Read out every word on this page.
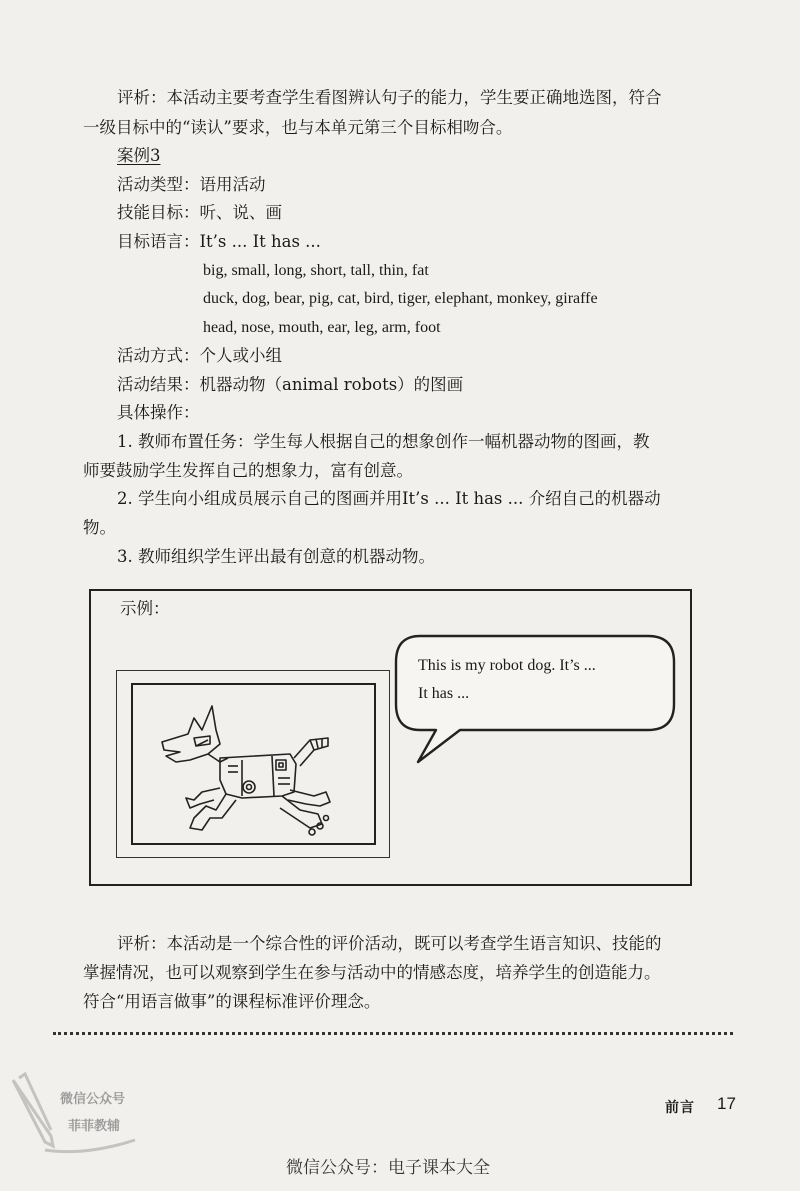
评析：本活动主要考查学生看图辨认句子的能力，学生要正确地选图，符合
一级目标中的“读认”要求，也与本单元第三个目标相吻合。
案例3
活动类型：语用活动
技能目标：听、说、画
目标语言：It’s ... It has ...
big, small, long, short, tall, thin, fat
duck, dog, bear, pig, cat, bird, tiger, elephant, monkey, giraffe
head, nose, mouth, ear, leg, arm, foot
活动方式：个人或小组
活动结果：机器动物（animal robots）的图画
具体操作：
1. 教师布置任务：学生每人根据自己的想象创作一幅机器动物的图画，教
师要鼓励学生发挥自己的想象力，富有创意。
2. 学生向小组成员展示自己的图画并用It’s ... It has ... 介绍自己的机器动
物。
3. 教师组织学生评出最有创意的机器动物。
示例：
This is my robot dog. It’s ...
It has ...
评析：本活动是一个综合性的评价活动，既可以考查学生语言知识、技能的
掌握情况，也可以观察到学生在参与活动中的情感态度，培养学生的创造能力。
符合“用语言做事”的课程标准评价理念。
微信公众号
菲菲教辅
前言 17
微信公众号：电子课本大全
